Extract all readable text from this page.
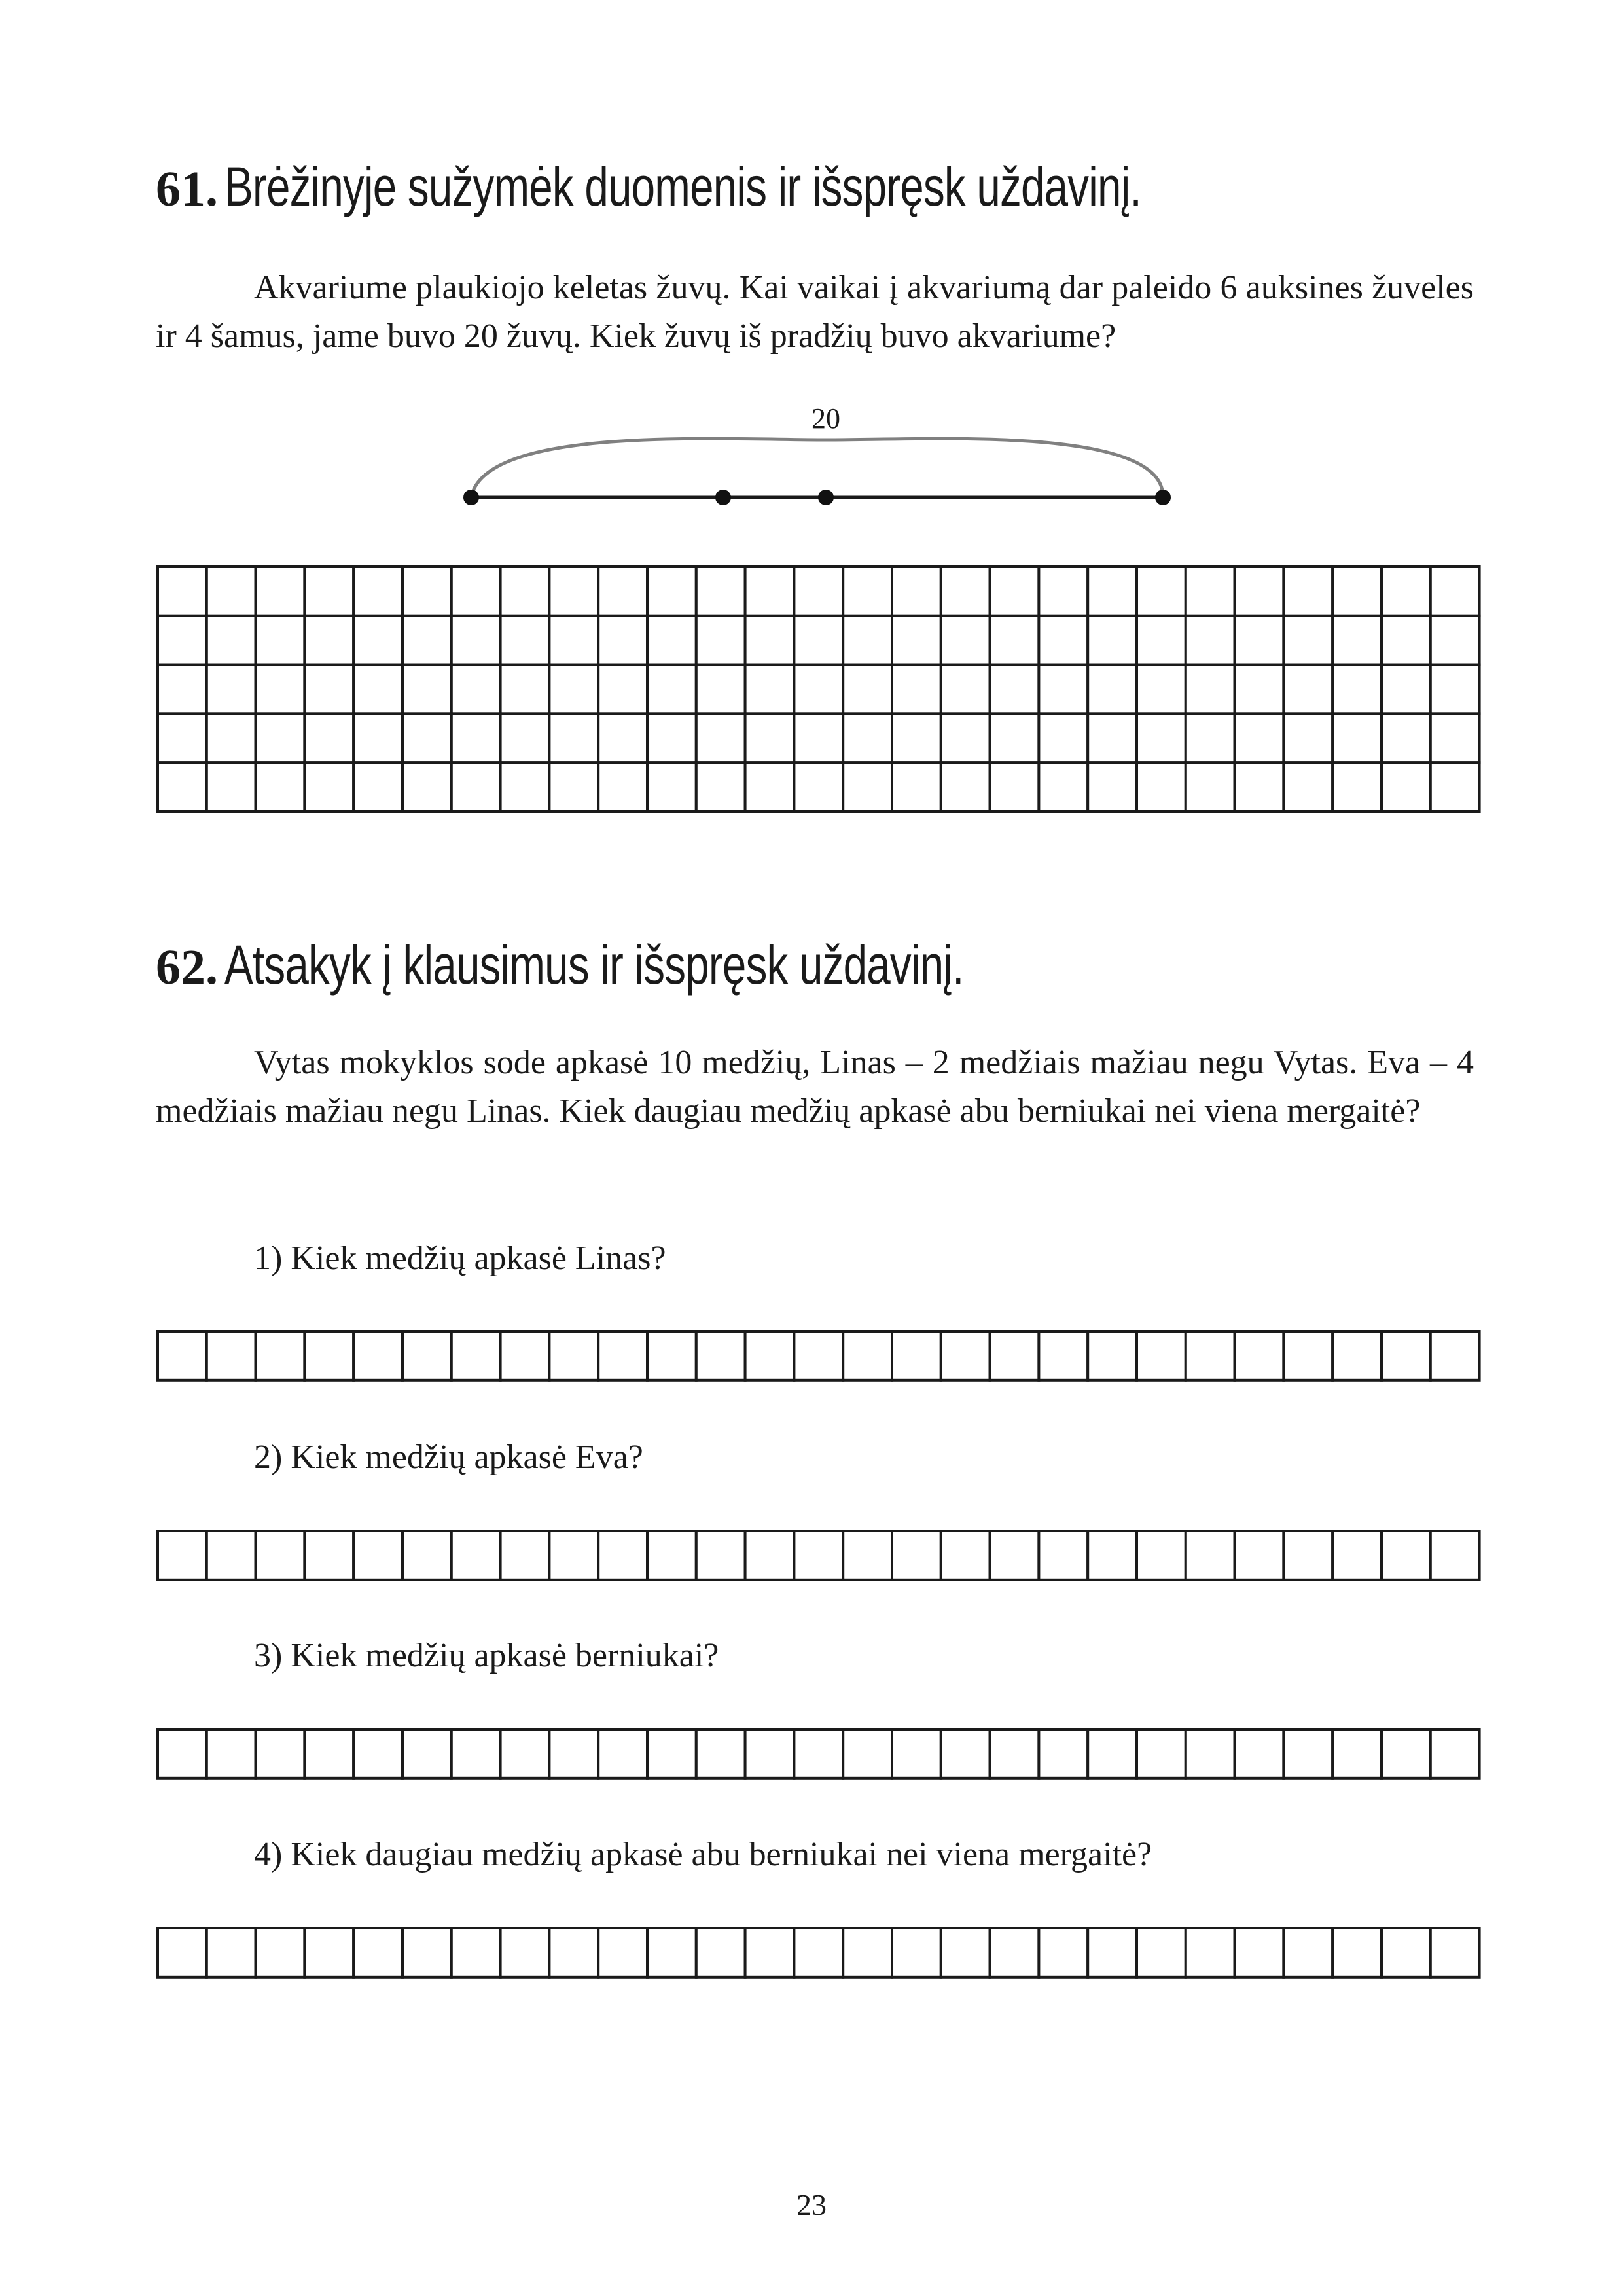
61. Brėžinyje sužymėk duomenis ir išspręsk uždavinį.

Akvariume plaukiojo keletas žuvų. Kai vaikai į akvariumą dar paleido 6 auksines žuveles ir 4 šamus, jame buvo 20 žuvų. Kiek žuvų iš pradžių buvo akvariume?

20
62. Atsakyk į klausimus ir išspręsk uždavinį.

Vytas mokyklos sode apkasė 10 medžių, Linas – 2 medžiais mažiau negu Vytas. Eva – 4 medžiais mažiau negu Linas. Kiek daugiau medžių apkasė abu berniukai nei viena mergaitė?

1) Kiek medžių apkasė Linas?

2) Kiek medžių apkasė Eva?

3) Kiek medžių apkasė berniukai?

4) Kiek daugiau medžių apkasė abu berniukai nei viena mergaitė?

23
